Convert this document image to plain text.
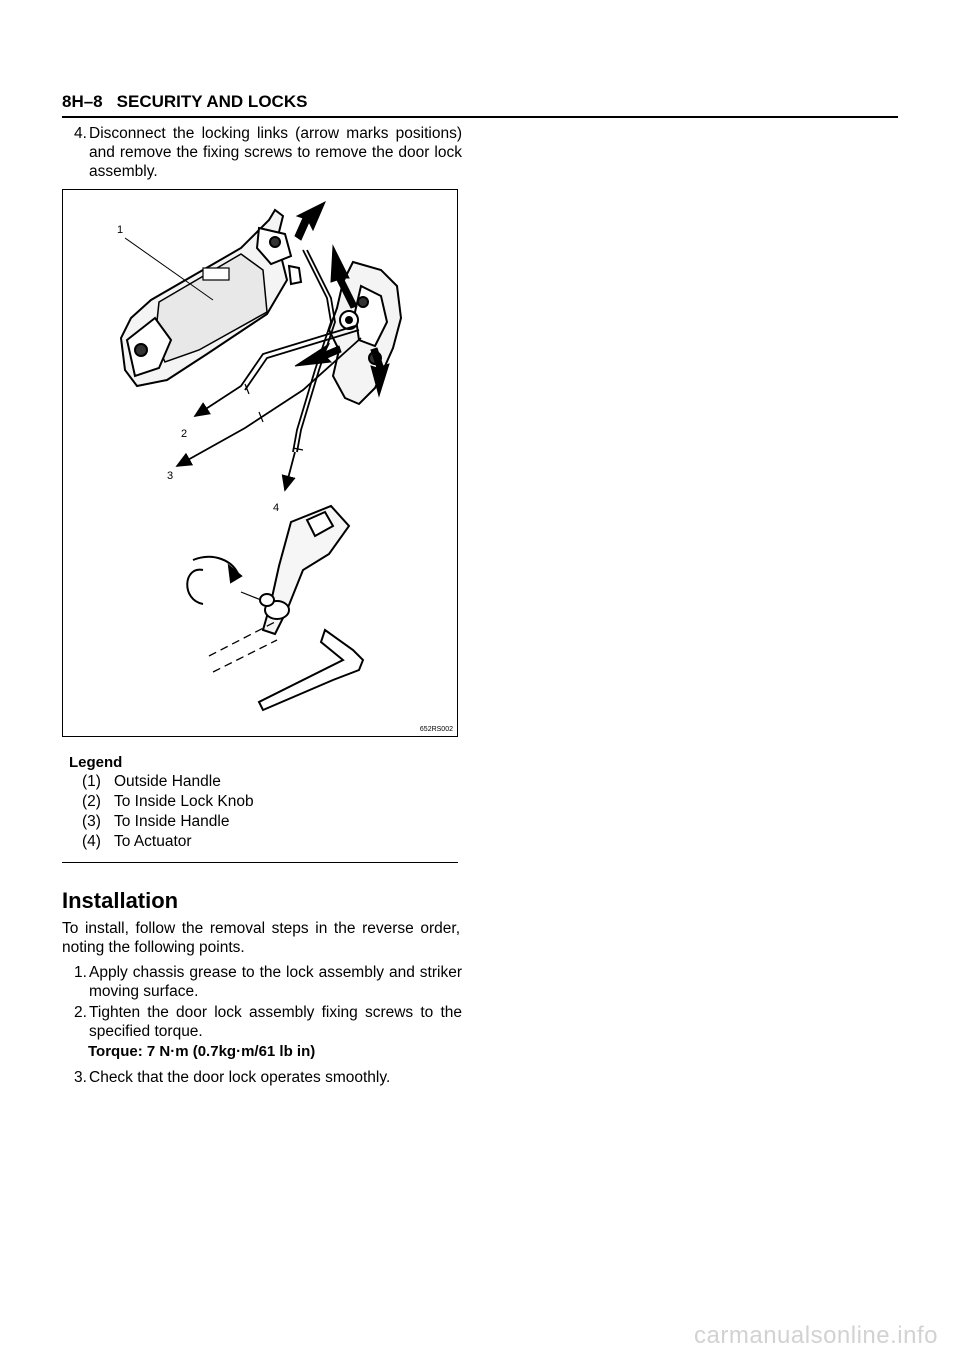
8H–8 SECURITY AND LOCKS
4. Disconnect the locking links (arrow marks positions) and remove the fixing screws to remove the door lock assembly.
1
2
3
4
652RS002
Legend
(1) Outside Handle
(2) To Inside Lock Knob
(3) To Inside Handle
(4) To Actuator
Installation
To install, follow the removal steps in the reverse order, noting the following points.
1. Apply chassis grease to the lock assembly and striker moving surface.
2. Tighten the door lock assembly fixing screws to the specified torque.
Torque: 7 N·m (0.7kg·m/61 lb in)
3. Check that the door lock operates smoothly.
carmanualsonline.info
